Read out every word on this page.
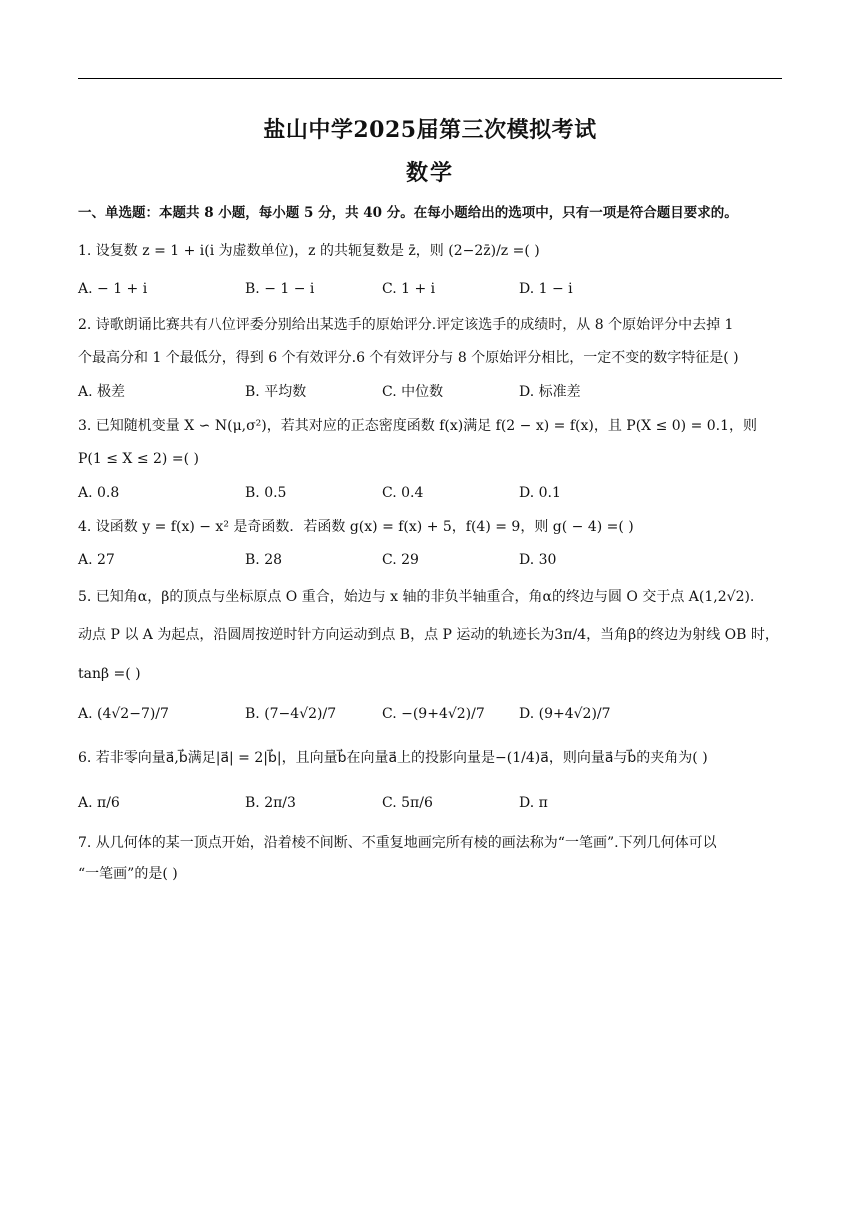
盐山中学2025届第三次模拟考试
数学
一、单选题：本题共 8 小题，每小题 5 分，共 40 分。在每小题给出的选项中，只有一项是符合题目要求的。
1. 设复数 z = 1 + i(i 为虚数单位)，z 的共轭复数是 z̄，则 (2−2z̄)/z =( )
A. − 1 + i	B. − 1 − i	C. 1 + i	D. 1 − i
2. 诗歌朗诵比赛共有八位评委分别给出某选手的原始评分.评定该选手的成绩时，从 8 个原始评分中去掉 1
个最高分和 1 个最低分，得到 6 个有效评分.6 个有效评分与 8 个原始评分相比，一定不变的数字特征是( )
A. 极差	B. 平均数	C. 中位数	D. 标准差
3. 已知随机变量 X ∽ N(μ,σ²)，若其对应的正态密度函数 f(x)满足 f(2 − x) = f(x)，且 P(X ≤ 0) = 0.1，则
P(1 ≤ X ≤ 2) =( )
A. 0.8	B. 0.5	C. 0.4	D. 0.1
4. 设函数 y = f(x) − x² 是奇函数．若函数 g(x) = f(x) + 5，f(4) = 9，则 g( − 4) =( )
A. 27	B. 28	C. 29	D. 30
5. 已知角α，β的顶点与坐标原点 O 重合，始边与 x 轴的非负半轴重合，角α的终边与圆 O 交于点 A(1,2√2).
动点 P 以 A 为起点，沿圆周按逆时针方向运动到点 B，点 P 运动的轨迹长为3π/4，当角β的终边为射线 OB 时，
tanβ =( )
A. (4√2−7)/7	B. (7−4√2)/7	C. −(9+4√2)/7 D. (9+4√2)/7
6. 若非零向量a⃗,b⃗满足|a⃗| = 2|b⃗|，且向量b⃗在向量a⃗上的投影向量是−(1/4)a⃗，则向量a⃗与b⃗的夹角为( )
A. π/6	B. 2π/3	C. 5π/6	D. π
7. 从几何体的某一顶点开始，沿着棱不间断、不重复地画完所有棱的画法称为“一笔画”.下列几何体可以
“一笔画”的是( )
